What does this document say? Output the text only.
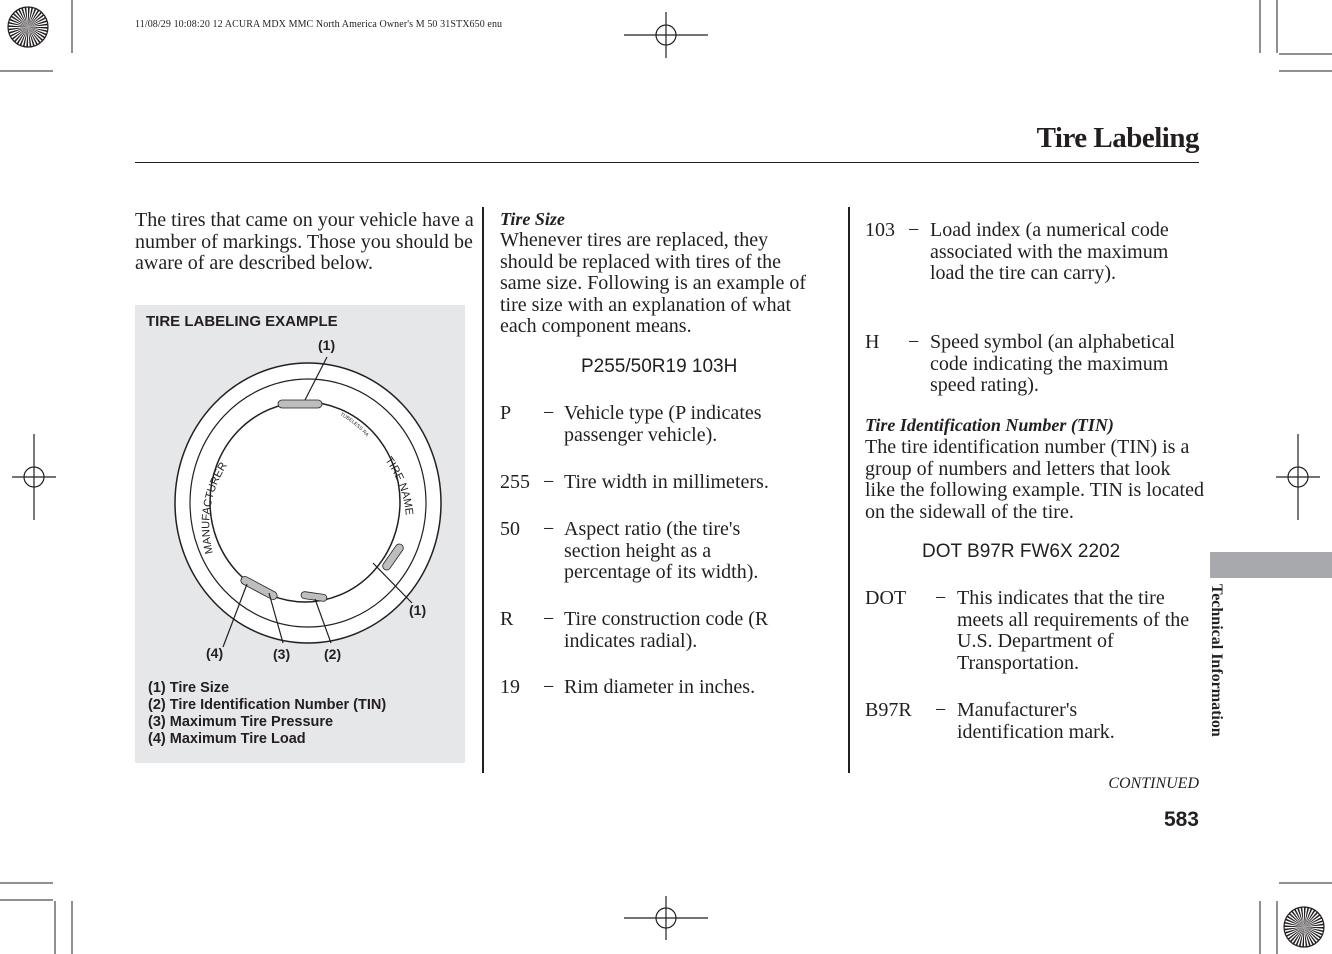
11/08/29 10:08:20 12 ACURA MDX MMC North America Owner's M 50 31STX650 enu
Tire Labeling
The tires that came on your vehicle have a number of markings. Those you should be aware of are described below.
TIRE LABELING EXAMPLE
MANUFACTURER	TIRE NAME
TUBELESS RA
(1)
(1)
(4)	(3) (2)
(1) Tire Size
(2) Tire Identification Number (TIN)
(3) Maximum Tire Pressure
(4) Maximum Tire Load
Tire Size
Whenever tires are replaced, they should be replaced with tires of the same size. Following is an example of tire size with an explanation of what each component means.
P255/50R19 103H
P − Vehicle type (P indicates passenger vehicle).
255 − Tire width in millimeters.
50 − Aspect ratio (the tire's section height as a percentage of its width).
R − Tire construction code (R indicates radial).
19 − Rim diameter in inches.
103 − Load index (a numerical code associated with the maximum load the tire can carry).
H − Speed symbol (an alphabetical code indicating the maximum speed rating).
Tire Identification Number (TIN)
The tire identification number (TIN) is a group of numbers and letters that look like the following example. TIN is located on the sidewall of the tire.
DOT B97R FW6X 2202
DOT − This indicates that the tire meets all requirements of the U.S. Department of Transportation.
B97R − Manufacturer's identification mark.	Technical Information
CONTINUED
583
